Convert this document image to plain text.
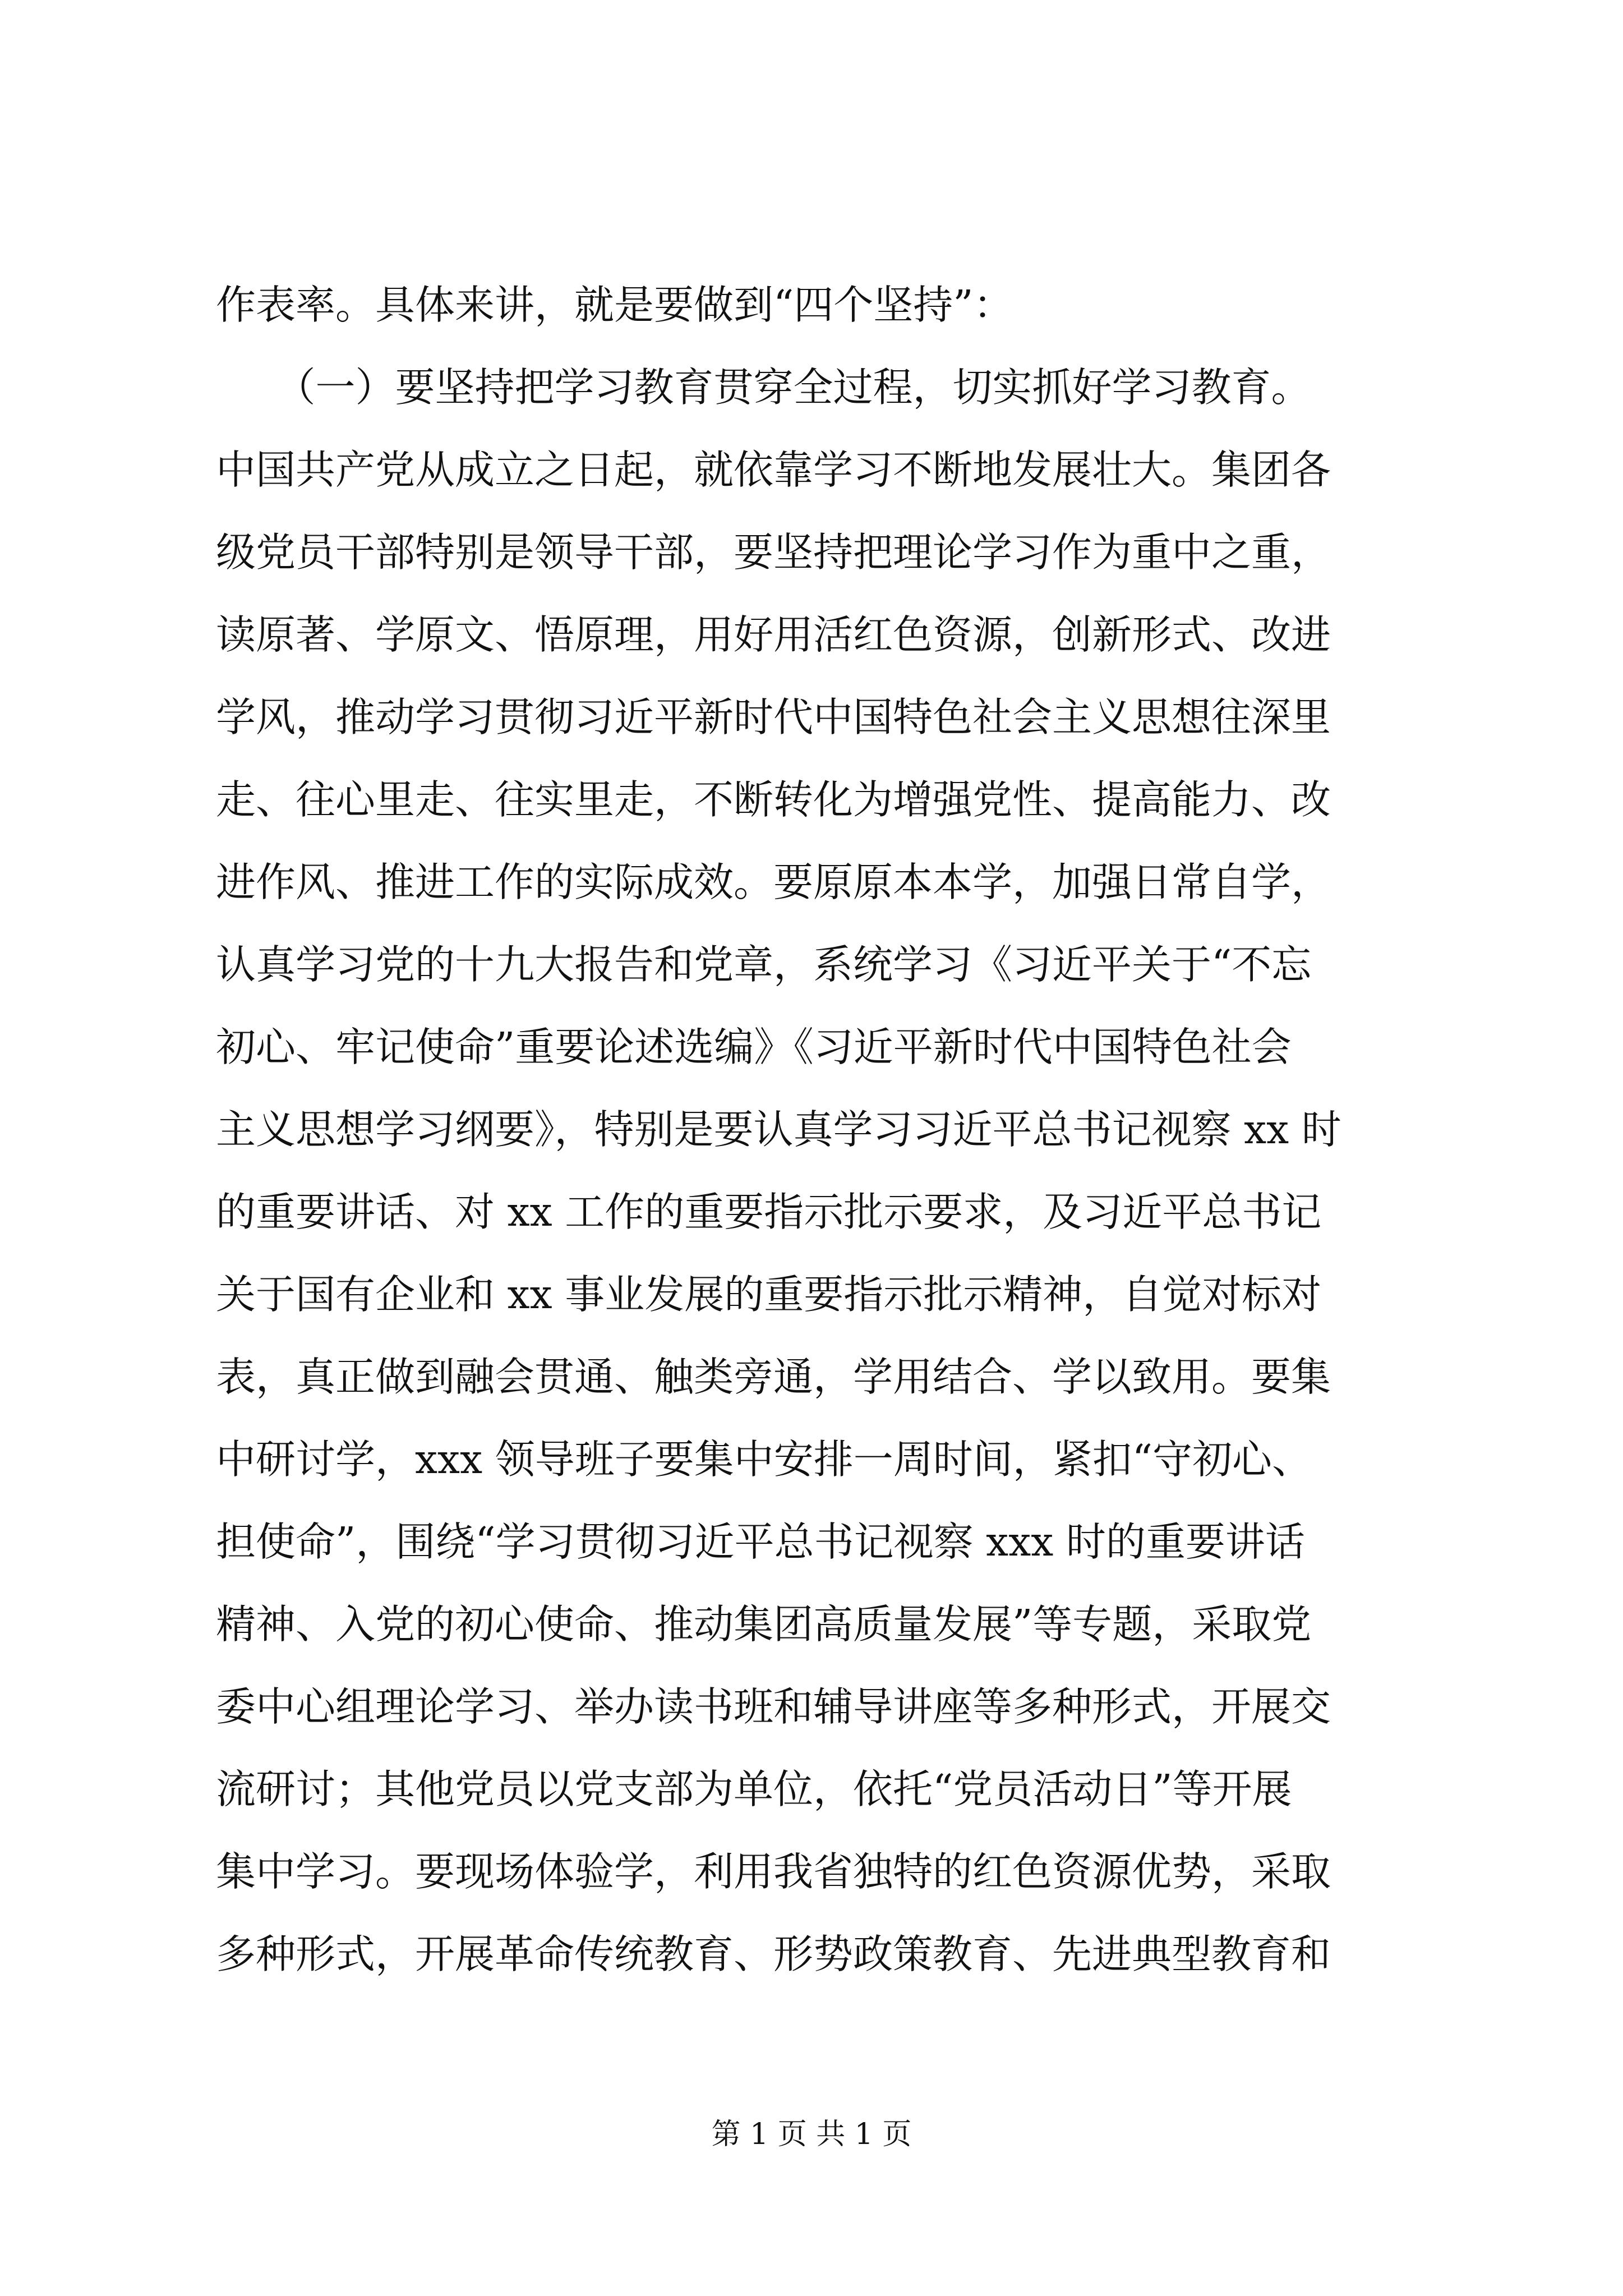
作表率。具体来讲，就是要做到“四个坚持”：
　　（一）要坚持把学习教育贯穿全过程，切实抓好学习教育。
中国共产党从成立之日起，就依靠学习不断地发展壮大。集团各
级党员干部特别是领导干部，要坚持把理论学习作为重中之重，
读原著、学原文、悟原理，用好用活红色资源，创新形式、改进
学风，推动学习贯彻习近平新时代中国特色社会主义思想往深里
走、往心里走、往实里走，不断转化为增强党性、提高能力、改
进作风、推进工作的实际成效。要原原本本学，加强日常自学，
认真学习党的十九大报告和党章，系统学习《习近平关于“不忘
初心、牢记使命”重要论述选编》《习近平新时代中国特色社会
主义思想学习纲要》，特别是要认真学习习近平总书记视察 xx 时
的重要讲话、对 xx 工作的重要指示批示要求，及习近平总书记
关于国有企业和 xx 事业发展的重要指示批示精神，自觉对标对
表，真正做到融会贯通、触类旁通，学用结合、学以致用。要集
中研讨学，xxx 领导班子要集中安排一周时间，紧扣“守初心、
担使命”，围绕“学习贯彻习近平总书记视察 xxx 时的重要讲话
精神、入党的初心使命、推动集团高质量发展”等专题，采取党
委中心组理论学习、举办读书班和辅导讲座等多种形式，开展交
流研讨；其他党员以党支部为单位，依托“党员活动日”等开展
集中学习。要现场体验学，利用我省独特的红色资源优势，采取
多种形式，开展革命传统教育、形势政策教育、先进典型教育和
第 1 页 共 1 页
